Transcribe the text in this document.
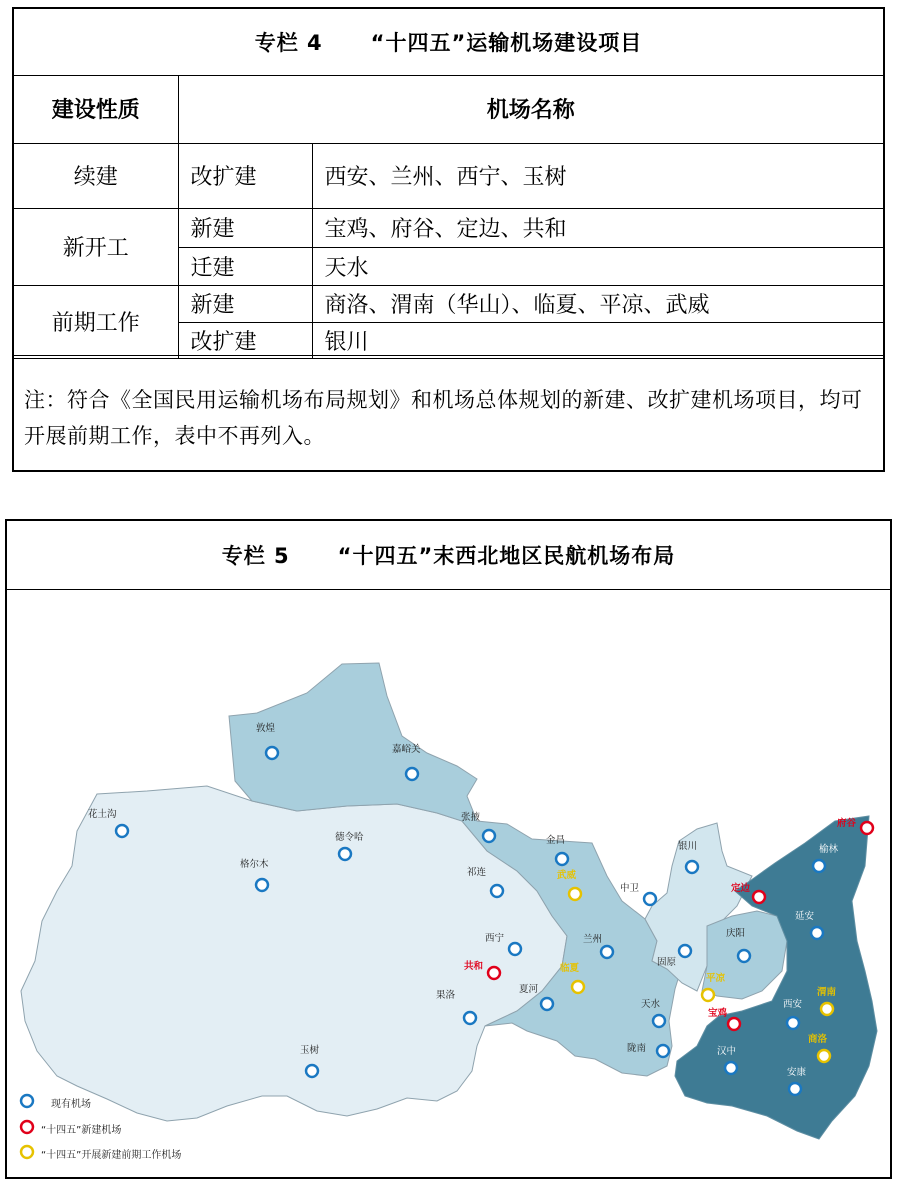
专栏 4 “十四五”运输机场建设项目
建设性质	机场名称	
续建	改扩建	西安、兰州、西宁、玉树
新开工	新建	宝鸡、府谷、定边、共和
	迁建	天水
前期工作	新建	商洛、渭南（华山）、临夏、平凉、武威
	改扩建	银川
注：符合《全国民用运输机场布局规划》和机场总体规划的新建、改扩建机场项目，均可开展前期工作，表中不再列入。
专栏 5 “十四五”末西北地区民航机场布局
敦煌
嘉峪关
花土沟	张掖
德令哈	金昌
格尔木
祁连	武威
西宁
共和
兰州
临夏
夏河
果洛
玉树
天水
陇南
中卫
银川
固原
庆阳
平凉
定边
府谷
榆林
延安
渭南
宝鸡
西安
商洛
汉中
安康
现有机场
“十四五”新建机场
“十四五”开展新建前期工作机场
